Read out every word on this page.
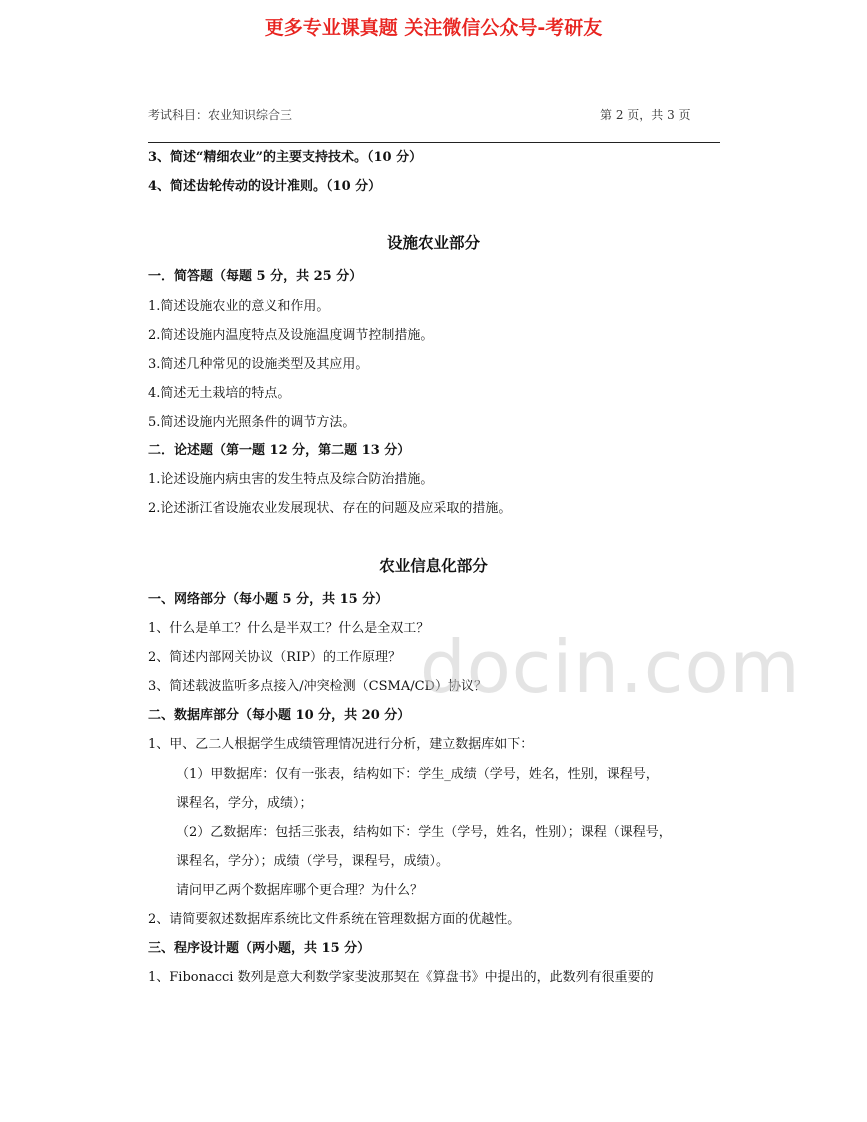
更多专业课真题 关注微信公众号-考研友
考试科目：农业知识综合三	第 2 页，共 3 页
3、简述“精细农业”的主要支持技术。（10 分）
4、简述齿轮传动的设计准则。（10 分）
设施农业部分
一．简答题（每题 5 分，共 25 分）
1.简述设施农业的意义和作用。
2.简述设施内温度特点及设施温度调节控制措施。
3.简述几种常见的设施类型及其应用。
4.简述无土栽培的特点。
5.简述设施内光照条件的调节方法。
二．论述题（第一题 12 分，第二题 13 分）
1.论述设施内病虫害的发生特点及综合防治措施。
2.论述浙江省设施农业发展现状、存在的问题及应采取的措施。
农业信息化部分
一、网络部分（每小题 5 分，共 15 分）
1、什么是单工？什么是半双工？什么是全双工？
2、简述内部网关协议（RIP）的工作原理？
3、简述载波监听多点接入/冲突检测（CSMA/CD）协议？
二、数据库部分（每小题 10 分，共 20 分）
1、甲、乙二人根据学生成绩管理情况进行分析，建立数据库如下：
（1）甲数据库：仅有一张表，结构如下：学生_成绩（学号，姓名，性别，课程号，
课程名，学分，成绩）；
（2）乙数据库：包括三张表，结构如下：学生（学号，姓名，性别）；课程（课程号，
课程名，学分）；成绩（学号，课程号，成绩）。
请问甲乙两个数据库哪个更合理？为什么？
2、请简要叙述数据库系统比文件系统在管理数据方面的优越性。
三、程序设计题（两小题，共 15 分）
1、Fibonacci 数列是意大利数学家斐波那契在《算盘书》中提出的，此数列有很重要的
docin.com
